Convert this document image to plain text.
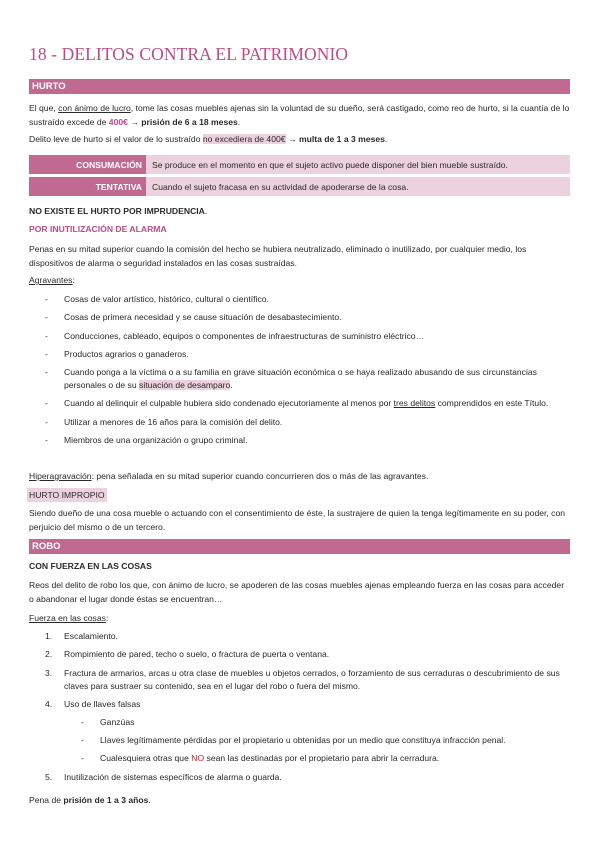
18 - DELITOS CONTRA EL PATRIMONIO
HURTO

El que, con ánimo de lucro, tome las cosas muebles ajenas sin la voluntad de su dueño, será castigado, como reo de hurto, si la cuantía de lo sustraído excede de 400€ → prisión de 6 a 18 meses.

Delito leve de hurto si el valor de lo sustraído no excediera de 400€ → multa de 1 a 3 meses.

CONSUMACIÓN	Se produce en el momento en que el sujeto activo puede disponer del bien mueble sustraído.
TENTATIVA	Cuando el sujeto fracasa en su actividad de apoderarse de la cosa.

NO EXISTE EL HURTO POR IMPRUDENCIA.

POR INUTILIZACIÓN DE ALARMA

Penas en su mitad superior cuando la comisión del hecho se hubiera neutralizado, eliminado o inutilizado, por cualquier medio, los dispositivos de alarma o seguridad instalados en las cosas sustraídas.

Agravantes:

- Cosas de valor artístico, histórico, cultural o científico.
- Cosas de primera necesidad y se cause situación de desabastecimiento.
- Conducciones, cableado, equipos o componentes de infraestructuras de suministro eléctrico…
- Productos agrarios o ganaderos.
- Cuando ponga a la víctima o a su familia en grave situación económica o se haya realizado abusando de sus circunstancias personales o de su situación de desamparo.
- Cuando al delinquir el culpable hubiera sido condenado ejecutoriamente al menos por tres delitos comprendidos en este Título.
- Utilizar a menores de 16 años para la comisión del delito.
- Miembros de una organización o grupo criminal.

Hiperagravación: pena señalada en su mitad superior cuando concurrieren dos o más de las agravantes.

HURTO IMPROPIO

Siendo dueño de una cosa mueble o actuando con el consentimiento de éste, la sustrajere de quien la tenga legítimamente en su poder, con perjuicio del mismo o de un tercero.

ROBO

CON FUERZA EN LAS COSAS

Reos del delito de robo los que, con ánimo de lucro, se apoderen de las cosas muebles ajenas empleando fuerza en las cosas para acceder o abandonar el lugar donde éstas se encuentran…

Fuerza en las cosas:

1. Escalamiento.
2. Rompimiento de pared, techo o suelo, o fractura de puerta o ventana.
3. Fractura de armarios, arcas u otra clase de muebles u objetos cerrados, o forzamiento de sus cerraduras o descubrimiento de sus claves para sustraer su contenido, sea en el lugar del robo o fuera del mismo.
4. Uso de llaves falsas
- Ganzúas
- Llaves legítimamente pérdidas por el propietario u obtenidas por un medio que constituya infracción penal.
- Cualesquiera otras que NO sean las destinadas por el propietario para abrir la cerradura.
5. Inutilización de sistemas específicos de alarma o guarda.

Pena de prisión de 1 a 3 años.
